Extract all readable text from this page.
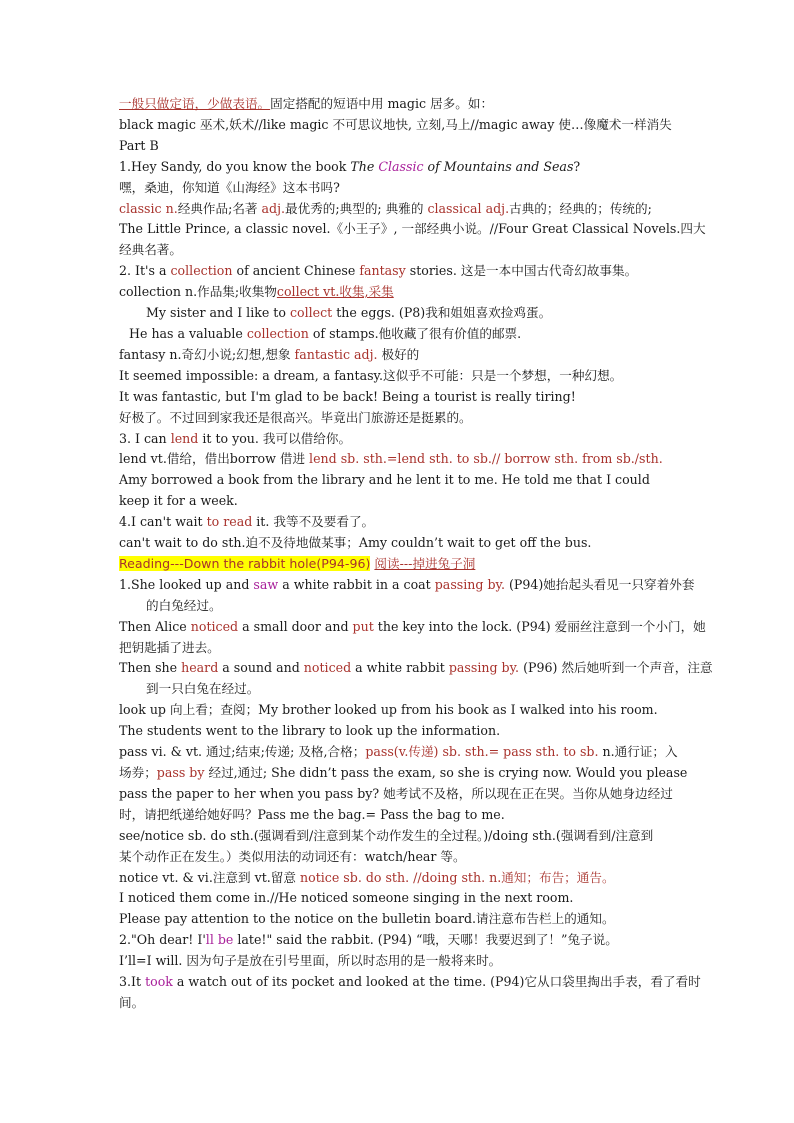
一般只做定语，少做表语。固定搭配的短语中用 magic 居多。如：
black magic 巫术,妖术//like magic 不可思议地快, 立刻,马上//magic away 使…像魔术一样消失
Part B
1.Hey Sandy, do you know the book The Classic of Mountains and Seas?
嘿，桑迪，你知道《山海经》这本书吗?
classic n.经典作品;名著 adj.最优秀的;典型的; 典雅的 classical adj.古典的；经典的；传统的;
The Little Prince, a classic novel.《小王子》, 一部经典小说。//Four Great Classical Novels.四大
经典名著。
2. It's a collection of ancient Chinese fantasy stories. 这是一本中国古代奇幻故事集。
collection n.作品集;收集物collect vt.收集,采集
My sister and I like to collect the eggs. (P8)我和姐姐喜欢捡鸡蛋。
He has a valuable collection of stamps.他收藏了很有价值的邮票.
fantasy n.奇幻小说;幻想,想象 fantastic adj. 极好的
It seemed impossible: a dream, a fantasy.这似乎不可能：只是一个梦想，一种幻想。
It was fantastic, but I'm glad to be back! Being a tourist is really tiring!
好极了。不过回到家我还是很高兴。毕竟出门旅游还是挺累的。
3. I can lend it to you. 我可以借给你。
lend vt.借给，借出borrow 借进 lend sb. sth.=lend sth. to sb.// borrow sth. from sb./sth.
Amy borrowed a book from the library and he lent it to me. He told me that I could keep it for a week.
4.I can't wait to read it. 我等不及要看了。
can't wait to do sth.迫不及待地做某事；Amy couldn’t wait to get off the bus.
Reading---Down the rabbit hole(P94-96) 阅读---掉进兔子洞
1.She looked up and saw a white rabbit in a coat passing by. (P94)她抬起头看见一只穿着外套
的白兔经过。
Then Alice noticed a small door and put the key into the lock. (P94) 爱丽丝注意到一个小门，她
把钥匙插了进去。
Then she heard a sound and noticed a white rabbit passing by. (P96) 然后她听到一个声音，注意
到一只白兔在经过。
look up 向上看；查阅；My brother looked up from his book as I walked into his room.
The students went to the library to look up the information.
pass vi. & vt. 通过;结束;传递; 及格,合格；pass(v.传递) sb. sth.= pass sth. to sb. n.通行证；入
场券；pass by 经过,通过; She didn’t pass the exam, so she is crying now. Would you please
pass the paper to her when you pass by? 她考试不及格，所以现在正在哭。当你从她身边经过
时，请把纸递给她好吗？Pass me the bag.= Pass the bag to me.
see/notice sb. do sth.(强调看到/注意到某个动作发生的全过程。)/doing sth.(强调看到/注意到
某个动作正在发生。）类似用法的动词还有：watch/hear 等。
notice vt. & vi.注意到 vt.留意 notice sb. do sth. //doing sth. n.通知；布告；通告。
I noticed them come in.//He noticed someone singing in the next room.
Please pay attention to the notice on the bulletin board.请注意布告栏上的通知。
2."Oh dear! I'll be late!" said the rabbit. (P94) “哦，天哪！我要迟到了！”兔子说。
I’ll=I will. 因为句子是放在引号里面，所以时态用的是一般将来时。
3.It took a watch out of its pocket and looked at the time. (P94)它从口袋里掏出手表，看了看时
间。
